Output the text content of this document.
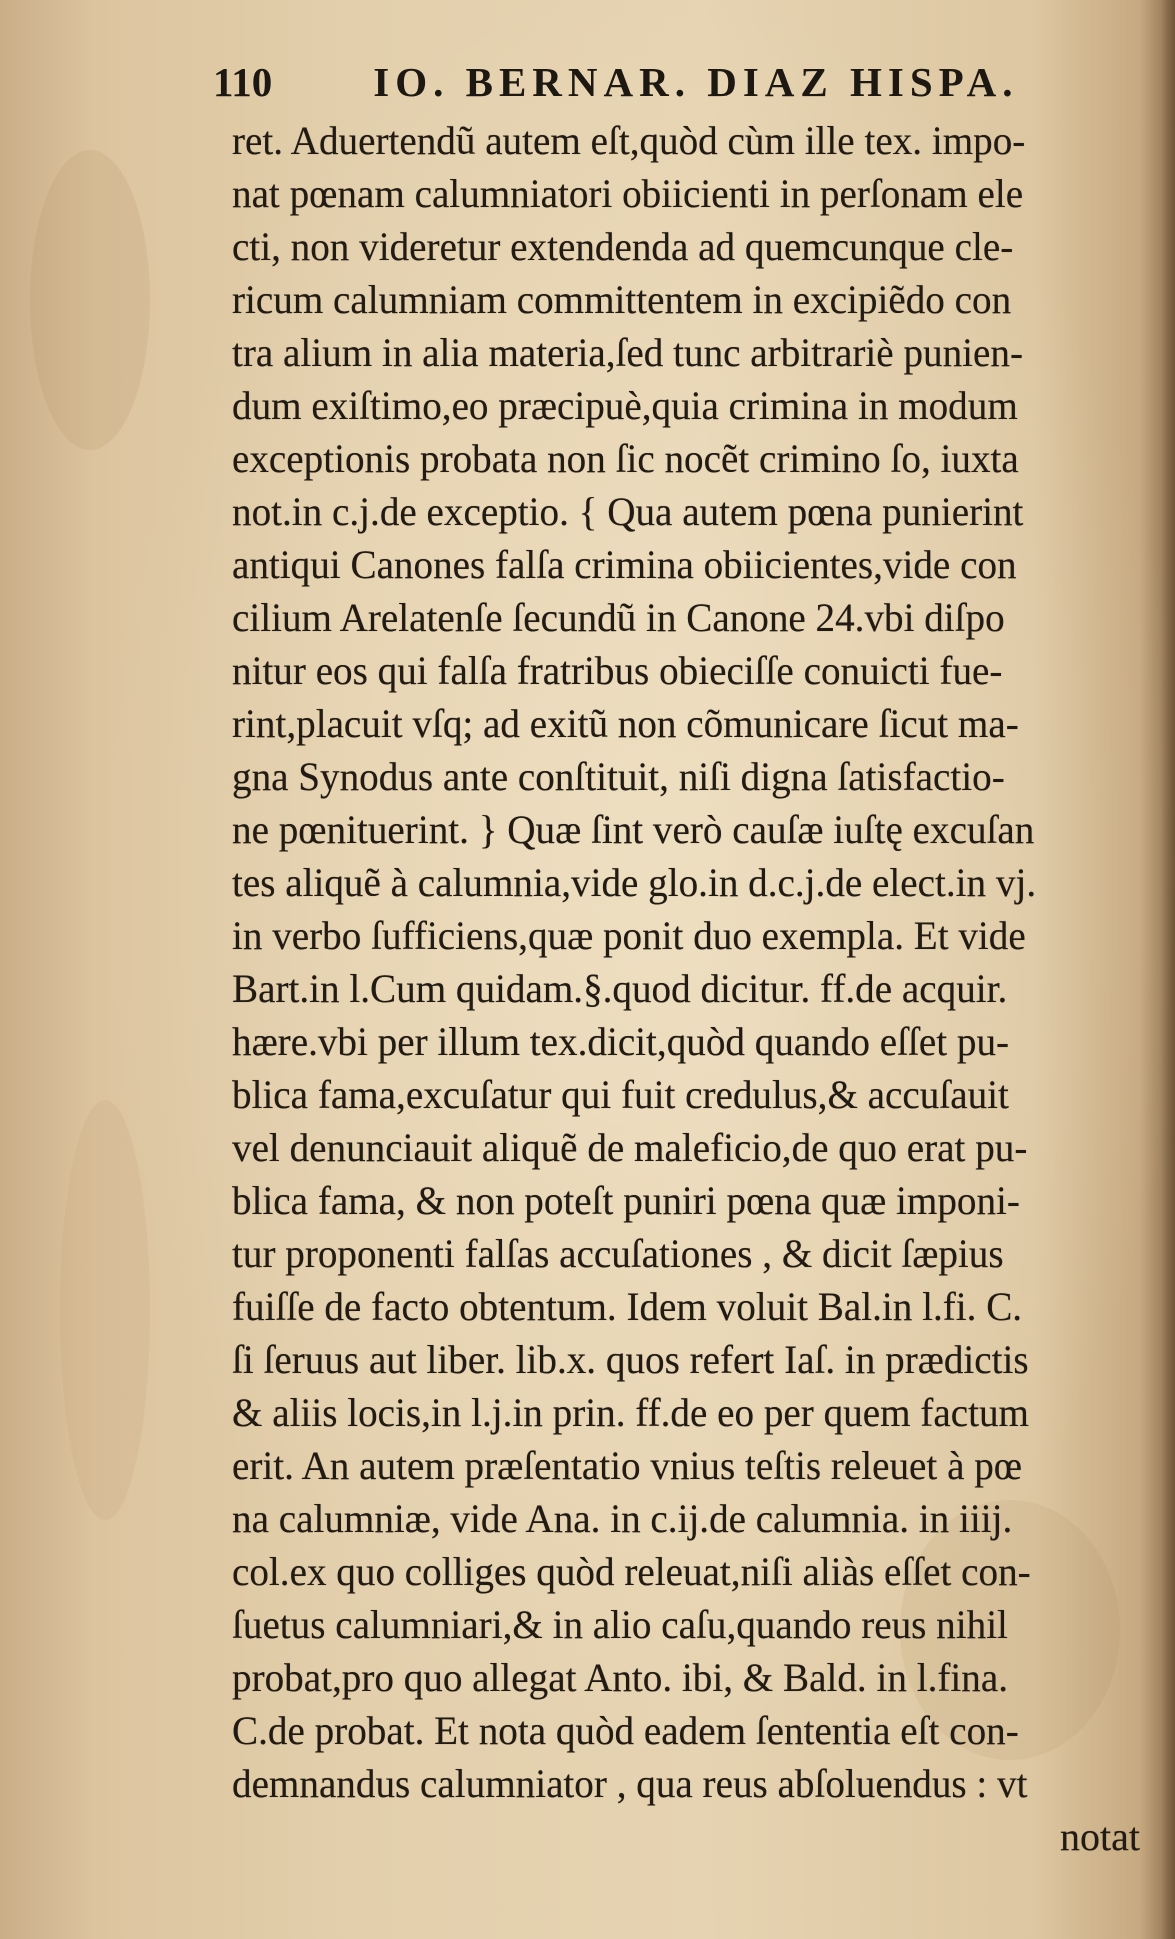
110 IO. BERNAR. DIAZ HISPA.
ret. Aduertendũ autem eſt,quòd cùm ille tex. impo-
nat pœnam calumniatori obiicienti in perſonam ele
cti, non videretur extendenda ad quemcunque cle-
ricum calumniam committentem in excipiẽdo con
tra alium in alia materia,ſed tunc arbitrariè punien-
dum exiſtimo,eo præcipuè,quia crimina in modum
exceptionis probata non ſic nocẽt crimino ſo, iuxta
not.in c.j.de exceptio. { Qua autem pœna punierint
antiqui Canones falſa crimina obiicientes,vide con
cilium Arelatenſe ſecundũ in Canone 24.vbi diſpo
nitur eos qui falſa fratribus obieciſſe conuicti fue-
rint,placuit vſq; ad exitũ non cõmunicare ſicut ma-
gna Synodus ante conſtituit, niſi digna ſatisfactio-
ne pœnituerint. } Quæ ſint verò cauſæ iuſtę excuſan
tes aliquẽ à calumnia,vide glo.in d.c.j.de elect.in vj.
in verbo ſufficiens,quæ ponit duo exempla. Et vide
Bart.in l.Cum quidam.§.quod dicitur. ff.de acquir.
hære.vbi per illum tex.dicit,quòd quando eſſet pu-
blica fama,excuſatur qui fuit credulus,& accuſauit
vel denunciauit aliquẽ de maleficio,de quo erat pu-
blica fama, & non poteſt puniri pœna quæ imponi-
tur proponenti falſas accuſationes , & dicit ſæpius
fuiſſe de facto obtentum. Idem voluit Bal.in l.fi. C.
ſi ſeruus aut liber. lib.x. quos refert Iaſ. in prædictis
& aliis locis,in l.j.in prin. ff.de eo per quem factum
erit. An autem præſentatio vnius teſtis releuet à pœ
na calumniæ, vide Ana. in c.ij.de calumnia. in iiij.
col.ex quo colliges quòd releuat,niſi aliàs eſſet con-
ſuetus calumniari,& in alio caſu,quando reus nihil
probat,pro quo allegat Anto. ibi, & Bald. in l.fina.
C.de probat. Et nota quòd eadem ſententia eſt con-
demnandus calumniator , qua reus abſoluendus : vt
notat
